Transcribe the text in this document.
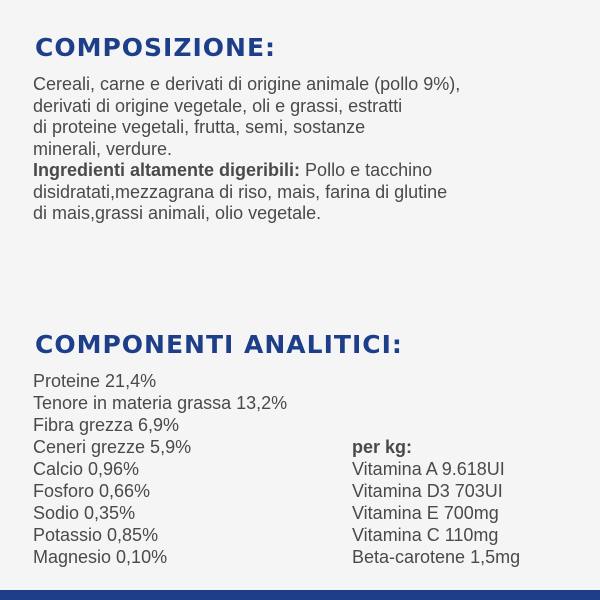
COMPOSIZIONE:

Cereali, carne e derivati di origine animale (pollo 9%),

derivati di origine vegetale, oli e grassi, estratti

di proteine vegetali, frutta, semi, sostanze

minerali, verdure.

Ingredienti altamente digeribili: Pollo e tacchino

disidratati,mezzagrana di riso, mais, farina di glutine

di mais,grassi animali, olio vegetale.

COMPONENTI ANALITICI:
Proteine 21,4%
Tenore in materia grassa 13,2%
Fibra grezza 6,9%
Ceneri grezze 5,9%
Calcio 0,96%
Fosforo 0,66%
Sodio 0,35%
Potassio 0,85%
Magnesio 0,10%
per kg:
Vitamina A 9.618UI
Vitamina D3 703UI
Vitamina E 700mg
Vitamina C 110mg
Beta-carotene 1,5mg
